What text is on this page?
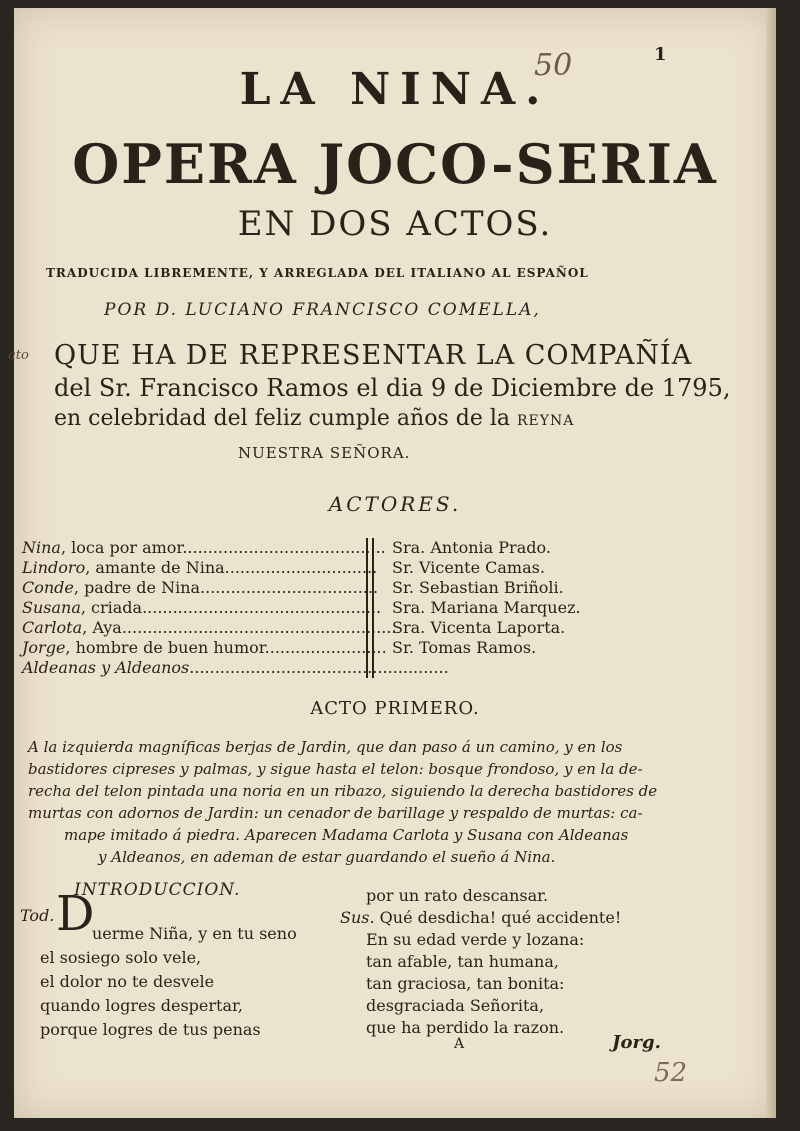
ato
50	1
LA NINA.
OPERA JOCO-SERIA
EN DOS ACTOS.
TRADUCIDA LIBREMENTE, Y ARREGLADA DEL ITALIANO AL ESPAÑOL
POR D. LUCIANO FRANCISCO COMELLA,
QUE HA DE REPRESENTAR LA COMPAÑÍA
del Sr. Francisco Ramos el dia 9 de Diciembre de 1795,
en celebridad del feliz cumple años de la REYNA
NUESTRA SEÑORA.
ACTORES.
Nina, loca por amor........................................
Lindoro, amante de Nina..............................
Conde, padre de Nina...................................
Susana, criada...............................................
Carlota, Aya......................................................
Jorge, hombre de buen humor........................
Aldeanas y Aldeanos...................................................
Sra. Antonia Prado.
Sr. Vicente Camas.
Sr. Sebastian Briñoli.
Sra. Mariana Marquez.
Sra. Vicenta Laporta.
Sr. Tomas Ramos.
ACTO PRIMERO.
A la izquierda magníficas berjas de Jardin, que dan paso á un camino, y en los
bastidores cipreses y palmas, y sigue hasta el telon: bosque frondoso, y en la de-
recha del telon pintada una noria en un ribazo, siguiendo la derecha bastidores de
murtas con adornos de Jardin: un cenador de barillage y respaldo de murtas: ca-
mape imitado á piedra. Aparecen Madama Carlota y Susana con Aldeanas
y Aldeanos, en ademan de estar guardando el sueño á Nina.
INTRODUCCION.
Tod. D
uerme Niña, y en tu seno
el sosiego solo vele,
el dolor no te desvele
quando logres despertar,
porque logres de tus penas
por un rato descansar.
Sus. Qué desdicha! qué accidente!
En su edad verde y lozana:
tan afable, tan humana,
tan graciosa, tan bonita:
desgraciada Señorita,
que ha perdido la razon.
A	Jorg.
52
